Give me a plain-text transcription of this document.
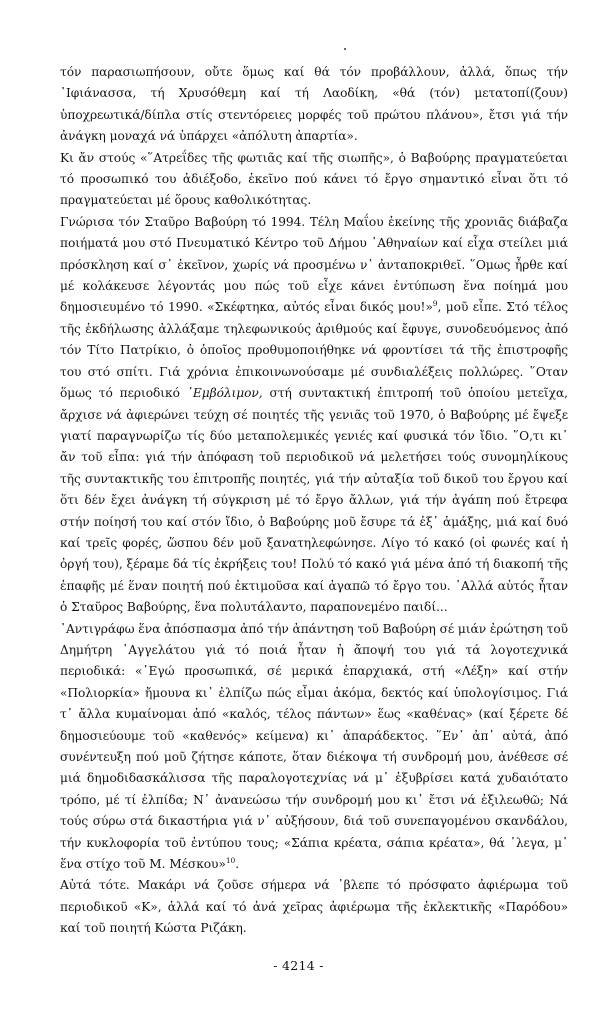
τόν παρασιωπήσουν, οὔτε ὅμως καί θά τόν προβάλλουν, ἀλλά, ὅπως τήν ᾿Ιφιάνασσα, τή Χρυσόθεμη καί τή Λαοδίκη, «θά (τόν) μετατοπί(ζουν) ὑποχρεωτικά/δίπλα στίς στεντόρειες μορφές τοῦ πρώτου πλάνου», ἔτσι γιά τήν ἀνάγκη μοναχά νά ὑπάρχει «ἀπόλυτη ἀπαρτία».

Κι ἄν στούς «῞Ατρεΐδες τῆς φωτιᾶς καί τῆς σιωπῆς», ὁ Βαβούρης πραγματεύεται τό προσωπικό του ἀδιέξοδο, ἐκεῖνο πού κάνει τό ἔργο σημαντικό εἶναι ὅτι τό πραγματεύεται μέ ὅρους καθολικότητας.

Γνώρισα τόν Σταῦρο Βαβούρη τό 1994. Τέλη Μαΐου ἐκείνης τῆς χρονιᾶς διάβαζα ποιήματά μου στό Πνευματικό Κέντρο τοῦ Δήμου ᾿Αθηναίων καί εἶχα στείλει μιά πρόσκληση καί σ᾿ ἐκεῖνον, χωρίς νά προσμένω ν᾿ ἀνταποκριθεῖ. ῞Ομως ἦρθε καί μέ κολάκευσε λέγοντάς μου πώς τοῦ εἶχε κάνει ἐντύπωση ἕνα ποίημά μου δημοσιευμένο τό 1990. «Σκέφτηκα, αὐτός εἶναι δικός μου!»$^9$, μοῦ εἶπε. Στό τέλος τῆς ἐκδήλωσης ἀλλάξαμε τηλεφωνικούς ἀριθμούς καί ἔφυγε, συνοδευόμενος ἀπό τόν Τίτο Πατρίκιο, ὁ ὁποῖος προθυμοποιήθηκε νά φροντίσει τά τῆς ἐπιστροφῆς του στό σπίτι. Γιά χρόνια ἐπικοινωνούσαμε μέ συνδιαλέξεις πολλώρες. ῞Οταν ὅμως τό περιοδικό ῾Εμβόλιμον, στή συντακτική ἐπιτροπή τοῦ ὁποίου μετεῖχα, ἄρχισε νά ἀφιερώνει τεύχη σέ ποιητές τῆς γενιᾶς τοῦ 1970, ὁ Βαβούρης μέ ἔψεξε γιατί παραγνωρίζω τίς δύο μεταπολεμικές γενιές καί φυσικά τόν ἴδιο. ῞Ο,τι κι᾿ ἄν τοῦ εἶπα: γιά τήν ἀπόφαση τοῦ περιοδικοῦ νά μελετήσει τούς συνομηλίκους τῆς συντακτικῆς του ἐπιτροπῆς ποιητές, γιά τήν αὐταξία τοῦ δικοῦ του ἔργου καί ὅτι δέν ἔχει ἀνάγκη τή σύγκριση μέ τό ἔργο ἄλλων, γιά τήν ἀγάπη πού ἔτρεφα στήν ποίησή του καί στόν ἴδιο, ὁ Βαβούρης μοῦ ἔσυρε τά ἐξ᾿ ἁμάξης, μιά καί δυό καί τρεῖς φορές, ὥσπου δέν μοῦ ξανατηλεφώνησε. Λίγο τό κακό (οἱ φωνές καί ἡ ὀργή του), ξέραμε δά τίς ἐκρήξεις του! Πολύ τό κακό γιά μένα ἀπό τή διακοπή τῆς ἐπαφῆς μέ ἕναν ποιητή πού ἐκτιμοῦσα καί ἀγαπῶ τό ἔργο του. ᾿Αλλά αὐτός ἦταν ὁ Σταῦρος Βαβούρης, ἕνα πολυτάλαντο, παραπονεμένο παιδί...

᾿Αντιγράφω ἕνα ἀπόσπασμα ἀπό τήν ἀπάντηση τοῦ Βαβούρη σέ μιάν ἐρώτηση τοῦ Δημήτρη ᾿Αγγελάτου γιά τό ποιά ἦταν ἡ ἄποψή του γιά τά λογοτεχνικά περιοδικά: «᾿Εγώ προσωπικά, σέ μερικά ἐπαρχιακά, στή «Λέξη» καί στήν «Πολιορκία» ἤμουνα κι᾿ ἐλπίζω πώς εἶμαι ἀκόμα, δεκτός καί ὑπολογίσιμος. Γιά τ᾿ ἄλλα κυμαίνομαι ἀπό «καλός, τέλος πάντων» ἕως «καθένας» (καί ξέρετε δέ δημοσιεύουμε τοῦ «καθενός» κείμενα) κι᾿ ἀπαράδεκτος. ῞Εν᾿ ἀπ᾿ αὐτά, ἀπό συνέντευξη πού μοῦ ζήτησε κάποτε, ὅταν διέκοψα τή συνδρομή μου, ἀνέθεσε σέ μιά δημοδιδασκάλισσα τῆς παραλογοτεχνίας νά μ᾿ ἐξυβρίσει κατά χυδαιότατο τρόπο, μέ τί ἐλπίδα; Ν᾿ ἀνανεώσω τήν συνδρομή μου κι᾿ ἔτσι νά ἐξιλεωθῶ; Νά τούς σύρω στά δικαστήρια γιά ν᾿ αὐξήσουν, διά τοῦ συνεπαγομένου σκανδάλου, τήν κυκλοφορία τοῦ ἐντύπου τους; «Σάπια κρέατα, σάπια κρέατα», θά ᾿λεγα, μ᾿ ἕνα στίχο τοῦ Μ. Μέσκου»$^{10}$.

Αὐτά τότε. Μακάρι νά ζοῦσε σήμερα νά ᾿βλεπε τό πρόσφατο ἀφιέρωμα τοῦ περιοδικοῦ «Κ», ἀλλά καί τό ἀνά χεῖρας ἀφιέρωμα τῆς ἐκλεκτικῆς «Παρόδου» καί τοῦ ποιητή Κώστα Ριζάκη.

- 4214 -
